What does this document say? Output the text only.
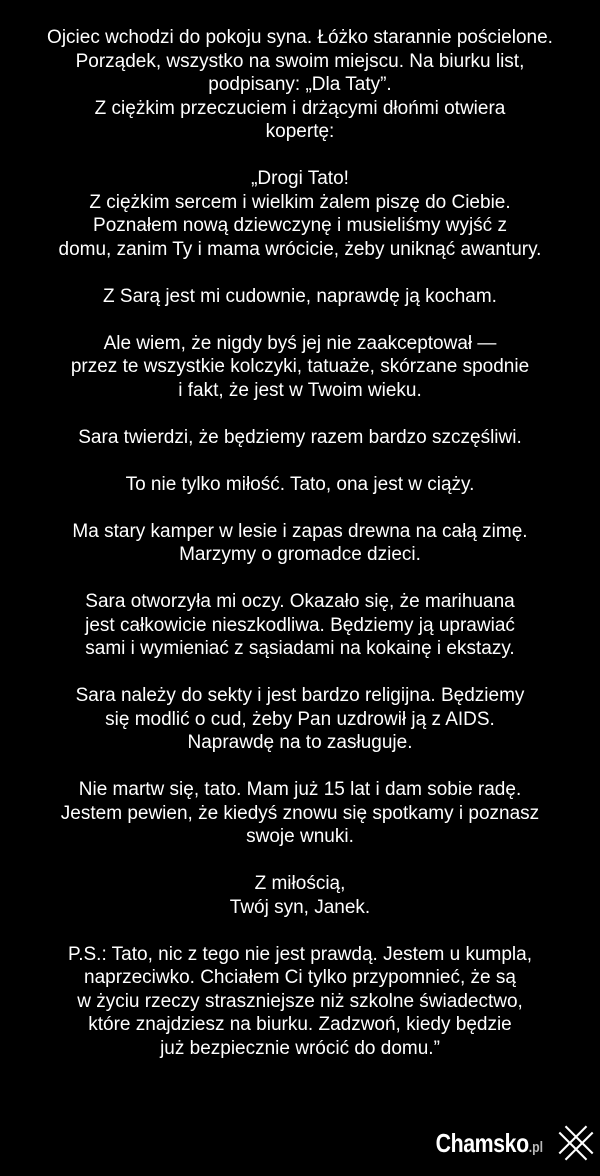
Ojciec wchodzi do pokoju syna. Łóżko starannie pościelone.
Porządek, wszystko na swoim miejscu. Na biurku list,
podpisany: „Dla Taty”.
Z ciężkim przeczuciem i drżącymi dłońmi otwiera
kopertę:
„Drogi Tato!
Z ciężkim sercem i wielkim żalem piszę do Ciebie.
Poznałem nową dziewczynę i musieliśmy wyjść z
domu, zanim Ty i mama wrócicie, żeby uniknąć awantury.
Z Sarą jest mi cudownie, naprawdę ją kocham.
Ale wiem, że nigdy byś jej nie zaakceptował —
przez te wszystkie kolczyki, tatuaże, skórzane spodnie
i fakt, że jest w Twoim wieku.
Sara twierdzi, że będziemy razem bardzo szczęśliwi.
To nie tylko miłość. Tato, ona jest w ciąży.
Ma stary kamper w lesie i zapas drewna na całą zimę.
Marzymy o gromadce dzieci.
Sara otworzyła mi oczy. Okazało się, że marihuana
jest całkowicie nieszkodliwa. Będziemy ją uprawiać
sami i wymieniać z sąsiadami na kokainę i ekstazy.
Sara należy do sekty i jest bardzo religijna. Będziemy
się modlić o cud, żeby Pan uzdrowił ją z AIDS.
Naprawdę na to zasługuje.
Nie martw się, tato. Mam już 15 lat i dam sobie radę.
Jestem pewien, że kiedyś znowu się spotkamy i poznasz
swoje wnuki.
Z miłością,
Twój syn, Janek.
P.S.: Tato, nic z tego nie jest prawdą. Jestem u kumpla,
naprzeciwko. Chciałem Ci tylko przypomnieć, że są
w życiu rzeczy straszniejsze niż szkolne świadectwo,
które znajdziesz na biurku. Zadzwoń, kiedy będzie
już bezpiecznie wrócić do domu.”
Chamsko.pl
